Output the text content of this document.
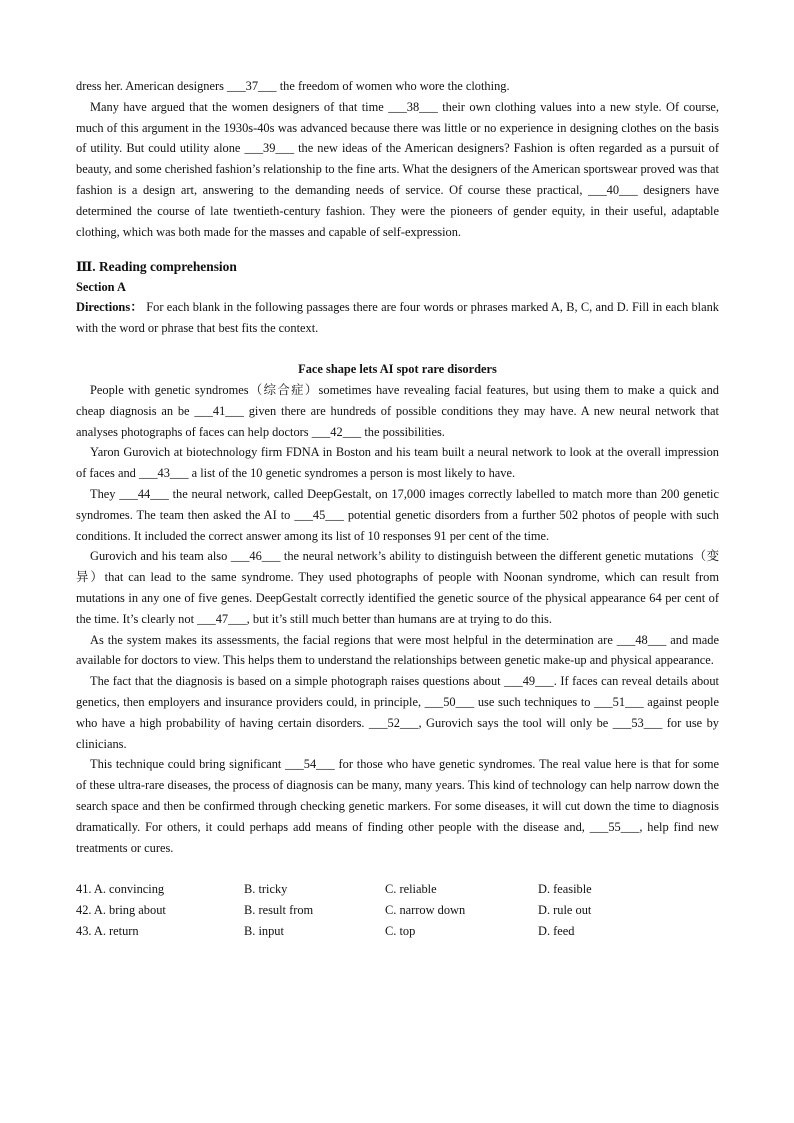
dress her. American designers ___37___ the freedom of women who wore the clothing.

Many have argued that the women designers of that time ___38___ their own clothing values into a new style. Of course, much of this argument in the 1930s-40s was advanced because there was little or no experience in designing clothes on the basis of utility. But could utility alone ___39___ the new ideas of the American designers? Fashion is often regarded as a pursuit of beauty, and some cherished fashion’s relationship to the fine arts. What the designers of the American sportswear proved was that fashion is a design art, answering to the demanding needs of service. Of course these practical, ___40___ designers have determined the course of late twentieth-century fashion. They were the pioneers of gender equity, in their useful, adaptable clothing, which was both made for the masses and capable of self-expression.

Ⅲ. Reading comprehension
Section A

Directions： For each blank in the following passages there are four words or phrases marked A, B, C, and D. Fill in each blank with the word or phrase that best fits the context.

Face shape lets AI spot rare disorders

People with genetic syndromes（综合症）sometimes have revealing facial features, but using them to make a quick and cheap diagnosis an be ___41___ given there are hundreds of possible conditions they may have. A new neural network that analyses photographs of faces can help doctors ___42___ the possibilities.

Yaron Gurovich at biotechnology firm FDNA in Boston and his team built a neural network to look at the overall impression of faces and ___43___ a list of the 10 genetic syndromes a person is most likely to have.

They ___44___ the neural network, called DeepGestalt, on 17,000 images correctly labelled to match more than 200 genetic syndromes. The team then asked the AI to ___45___ potential genetic disorders from a further 502 photos of people with such conditions. It included the correct answer among its list of 10 responses 91 per cent of the time.

Gurovich and his team also ___46___ the neural network’s ability to distinguish between the different genetic mutations（变异）that can lead to the same syndrome. They used photographs of people with Noonan syndrome, which can result from mutations in any one of five genes. DeepGestalt correctly identified the genetic source of the physical appearance 64 per cent of the time. It’s clearly not ___47___, but it’s still much better than humans are at trying to do this.

As the system makes its assessments, the facial regions that were most helpful in the determination are ___48___ and made available for doctors to view. This helps them to understand the relationships between genetic make-up and physical appearance.

The fact that the diagnosis is based on a simple photograph raises questions about ___49___. If faces can reveal details about genetics, then employers and insurance providers could, in principle, ___50___ use such techniques to ___51___ against people who have a high probability of having certain disorders. ___52___, Gurovich says the tool will only be ___53___ for use by clinicians.

This technique could bring significant ___54___ for those who have genetic syndromes. The real value here is that for some of these ultra-rare diseases, the process of diagnosis can be many, many years. This kind of technology can help narrow down the search space and then be confirmed through checking genetic markers. For some diseases, it will cut down the time to diagnosis dramatically. For others, it could perhaps add means of finding other people with the disease and, ___55___, help find new treatments or cures.

41. A. convincing	B. tricky	C. reliable	D. feasible
42. A. bring about	B. result from	C. narrow down	D. rule out
43. A. return	B. input	C. top	D. feed
